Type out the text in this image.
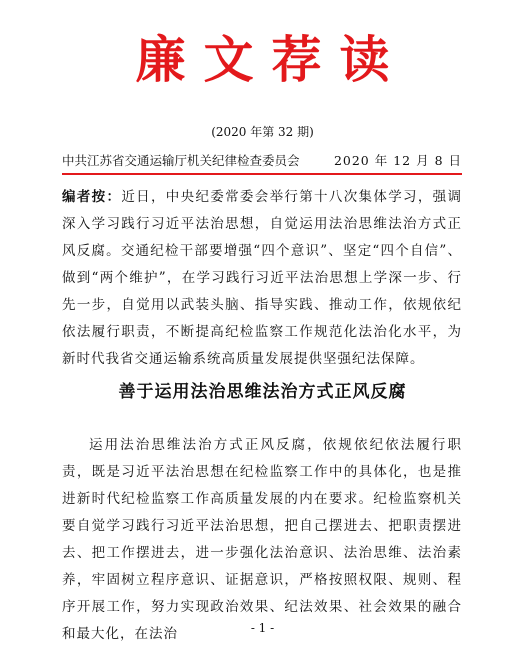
廉文荐读
(2020 年第 32 期)
中共江苏省交通运输厅机关纪律检查委员会	2020 年 12 月 8 日
编者按：近日，中央纪委常委会举行第十八次集体学习，强调深入学习践行习近平法治思想，自觉运用法治思维法治方式正风反腐。交通纪检干部要增强“四个意识”、坚定“四个自信”、做到“两个维护”，在学习践行习近平法治思想上学深一步、行先一步，自觉用以武装头脑、指导实践、推动工作，依规依纪依法履行职责，不断提高纪检监察工作规范化法治化水平，为新时代我省交通运输系统高质量发展提供坚强纪法保障。
善于运用法治思维法治方式正风反腐
运用法治思维法治方式正风反腐，依规依纪依法履行职责，既是习近平法治思想在纪检监察工作中的具体化，也是推进新时代纪检监察工作高质量发展的内在要求。纪检监察机关要自觉学习践行习近平法治思想，把自己摆进去、把职责摆进去、把工作摆进去，进一步强化法治意识、法治思维、法治素养，牢固树立程序意识、证据意识，严格按照权限、规则、程序开展工作，努力实现政治效果、纪法效果、社会效果的融合和最大化，在法治	- 1 -
